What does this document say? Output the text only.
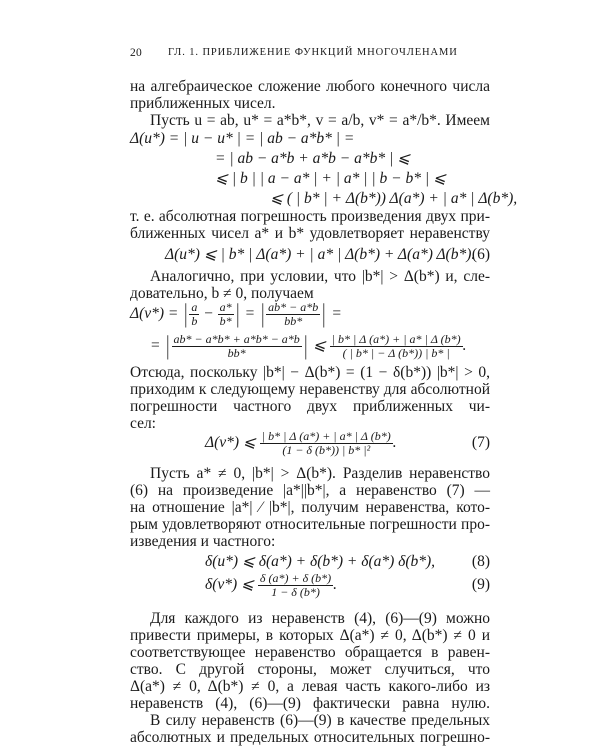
20 ГЛ. 1. ПРИБЛИЖЕНИЕ ФУНКЦИЙ МНОГОЧЛЕНАМИ
на алгебраическое сложение любого конечного числа
приближенных чисел.
Пусть u = ab, u* = a*b*, v = a/b, v* = a*/b*. Имеем
Δ(u*) = | u − u* | = | ab − a*b* | =
= | ab − a*b + a*b − a*b* | ⩽
⩽ | b | | a − a* | + | a* | | b − b* | ⩽
⩽ ( | b* | + Δ(b*)) Δ(a*) + | a* | Δ(b*),
т. е. абсолютная погрешность произведения двух при-
ближенных чисел a* и b* удовлетворяет неравенству
Δ(u*) ⩽ | b* | Δ(a*) + | a* | Δ(b*) + Δ(a*) Δ(b*).
(6)
Аналогично, при условии, что |b*| > Δ(b*) и, сле-
довательно, b ≠ 0, получаем
Δ(v*) = | $\frac{a}{b} - \frac{a*}{b*}$ | = | $\frac{ab* - a*b}{bb*}$ | =
= | $\frac{ab* - a*b* + a*b* - a*b}{bb*}$ | ⩽ $\frac{| b* | \Delta (a*) + | a* | \Delta (b*)}{( | b* | - \Delta (b*)) | b* |}$ .
Отсюда, поскольку |b*| − Δ(b*) = (1 − δ(b*)) |b*| > 0,
приходим к следующему неравенству для абсолютной
погрешности частного двух приближенных чи-
сел:
Δ(v*) ⩽ $\frac{| b* | \Delta (a*) + | a* | \Delta (b*)}{\text{(1 − δ (b*)) | b* |²}}$ .	(7)
Пусть a* ≠ 0, |b*| > Δ(b*). Разделив неравенство
(6) на произведение |a*||b*|, а неравенство (7) —
на отношение |a*| ⁄ |b*|, получим неравенства, кото-
рым удовлетворяют относительные погрешности про-
изведения и частного:
δ(u*) ⩽ δ(a*) + δ(b*) + δ(a*) δ(b*), (8)
δ(v*) ⩽ $\frac{\delta (a*) + \delta (b*)}{1 - \delta (b*)}$ .	(9)
Для каждого из неравенств (4), (6)—(9) можно
привести примеры, в которых Δ(a*) ≠ 0, Δ(b*) ≠ 0 и
соответствующее неравенство обращается в равен-
ство. С другой стороны, может случиться, что
Δ(a*) ≠ 0, Δ(b*) ≠ 0, а левая часть какого-либо из
неравенств (4), (6)—(9) фактически равна нулю.
В силу неравенств (6)—(9) в качестве предельных
абсолютных и предельных относительных погрешно-
